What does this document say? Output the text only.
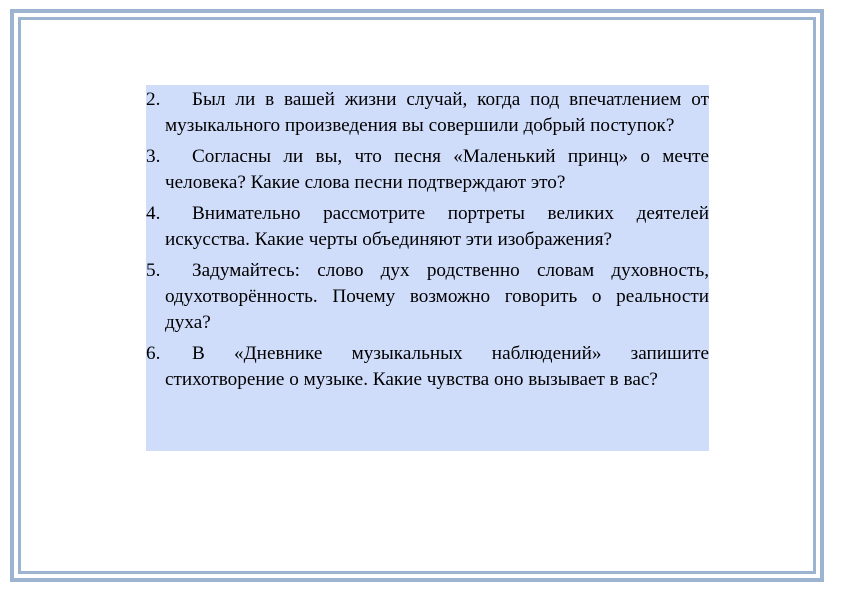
2.	Был ли в вашей жизни случай, когда под впечатлением от музыкального произведения вы совершили добрый поступок?
3.	Согласны ли вы, что песня «Маленький принц» о мечте человека? Какие слова песни подтверждают это?
4.	Внимательно рассмотрите портреты великих деятелей искусства. Какие черты объединяют эти изображения?
5.	Задумайтесь: слово дух родственно словам духовность, одухотворённость. Почему возможно говорить о реальности духа?
6.	В «Дневнике музыкальных наблюдений» запишите стихотворение о музыке. Какие чувства оно вызывает в вас?
